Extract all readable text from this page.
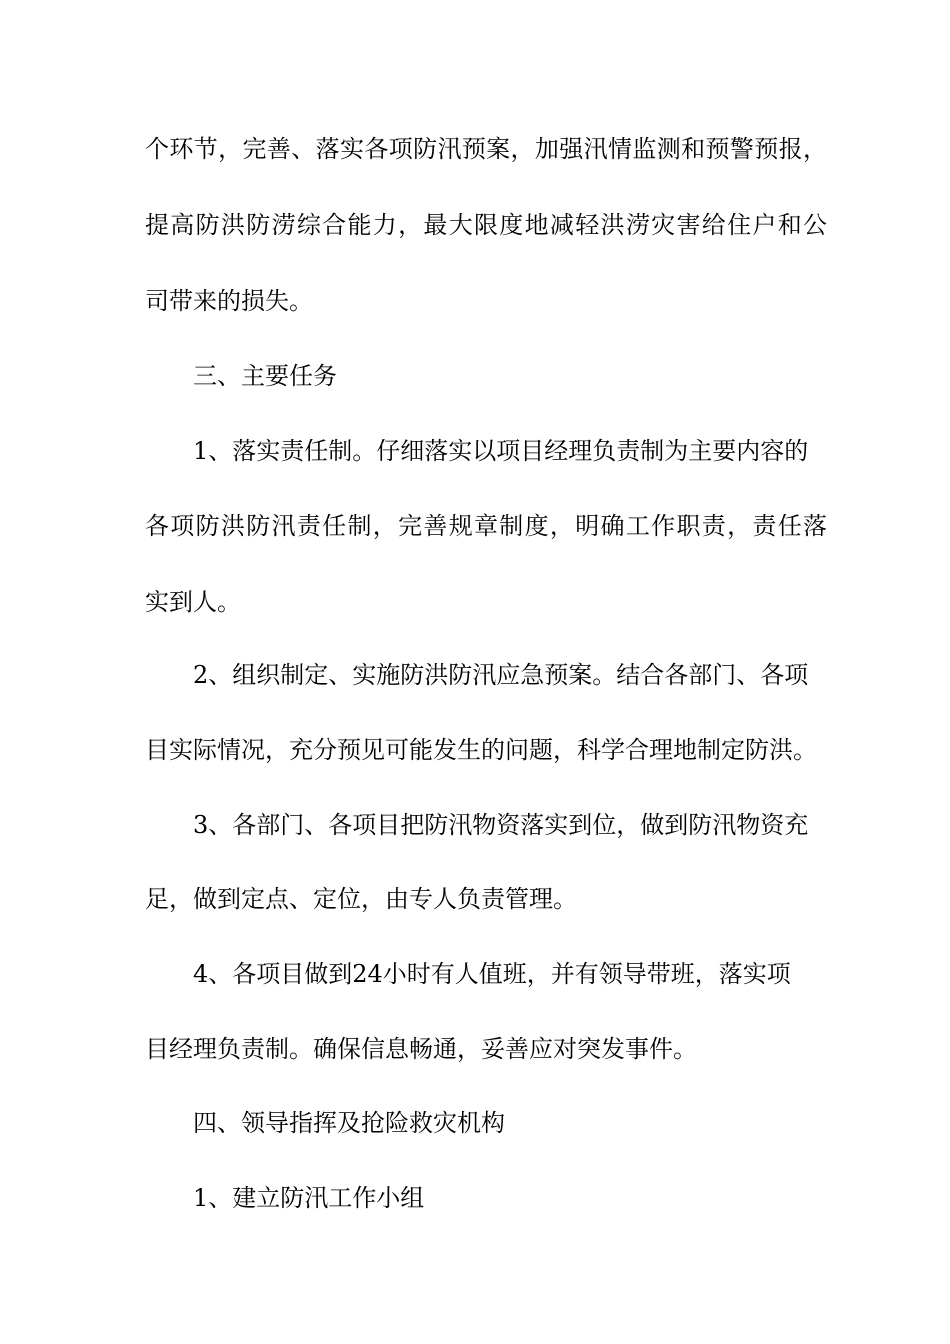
个环节，完善、落实各项防汛预案，加强汛情监测和预警预报，
提高防洪防涝综合能力，最大限度地减轻洪涝灾害给住户和公
司带来的损失。
三、主要任务
1、落实责任制。仔细落实以项目经理负责制为主要内容的
各项防洪防汛责任制，完善规章制度，明确工作职责，责任落
实到人。
2、组织制定、实施防洪防汛应急预案。结合各部门、各项
目实际情况，充分预见可能发生的问题，科学合理地制定防洪。
3、各部门、各项目把防汛物资落实到位，做到防汛物资充
足，做到定点、定位，由专人负责管理。
4、各项目做到24小时有人值班，并有领导带班，落实项
目经理负责制。确保信息畅通，妥善应对突发事件。
四、领导指挥及抢险救灾机构
1、建立防汛工作小组
